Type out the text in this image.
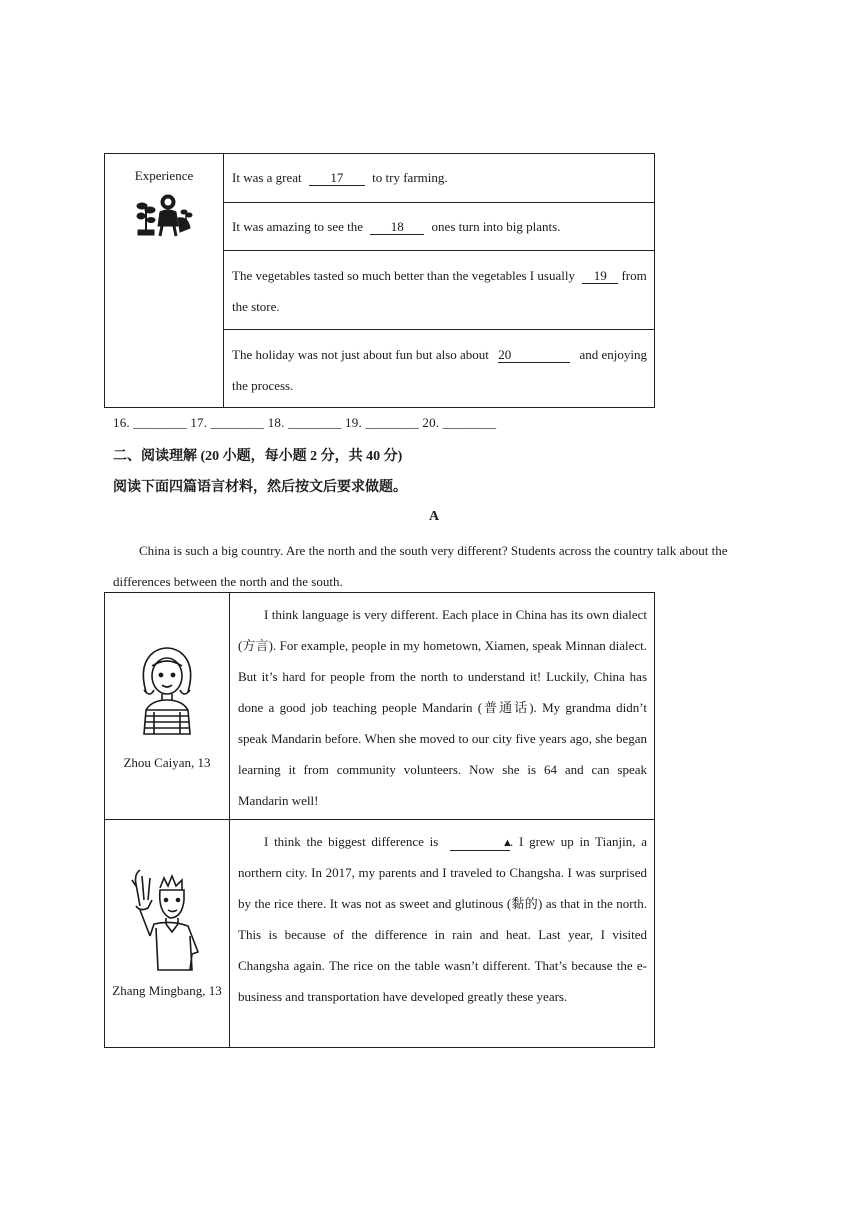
Experience	It was a great 17 to try farming.
It was amazing to see the 18 ones turn into big plants.
The vegetables tasted so much better than the vegetables I usually 19 from the store.
The holiday was not just about fun but also about 20	and enjoying the process.
16. ________ 17. ________ 18. ________ 19. ________ 20. ________
二、阅读理解 (20 小题，每小题 2 分，共 40 分)
阅读下面四篇语言材料，然后按文后要求做题。
A
China is such a big country. Are the north and the south very different? Students across the country talk about the differences between the north and the south.
Zhou Caiyan, 13	I think language is very different. Each place in China has its own dialect (方言). For example, people in my hometown, Xiamen, speak Minnan dialect. But it’s hard for people from the north to understand it! Luckily, China has done a good job teaching people Mandarin (普通话). My grandma didn’t speak Mandarin before. When she moved to our city five years ago, she began learning it from community volunteers. Now she is 64 and can speak Mandarin well!

Zhang Mingbang, 13	I think the biggest difference is ▲. I grew up in Tianjin, a northern city. In 2017, my parents and I traveled to Changsha. I was surprised by the rice there. It was not as sweet and glutinous (黏的) as that in the north. This is because of the difference in rain and heat. Last year, I visited Changsha again. The rice on the table wasn’t different. That’s because the e-business and transportation have developed greatly these years.
